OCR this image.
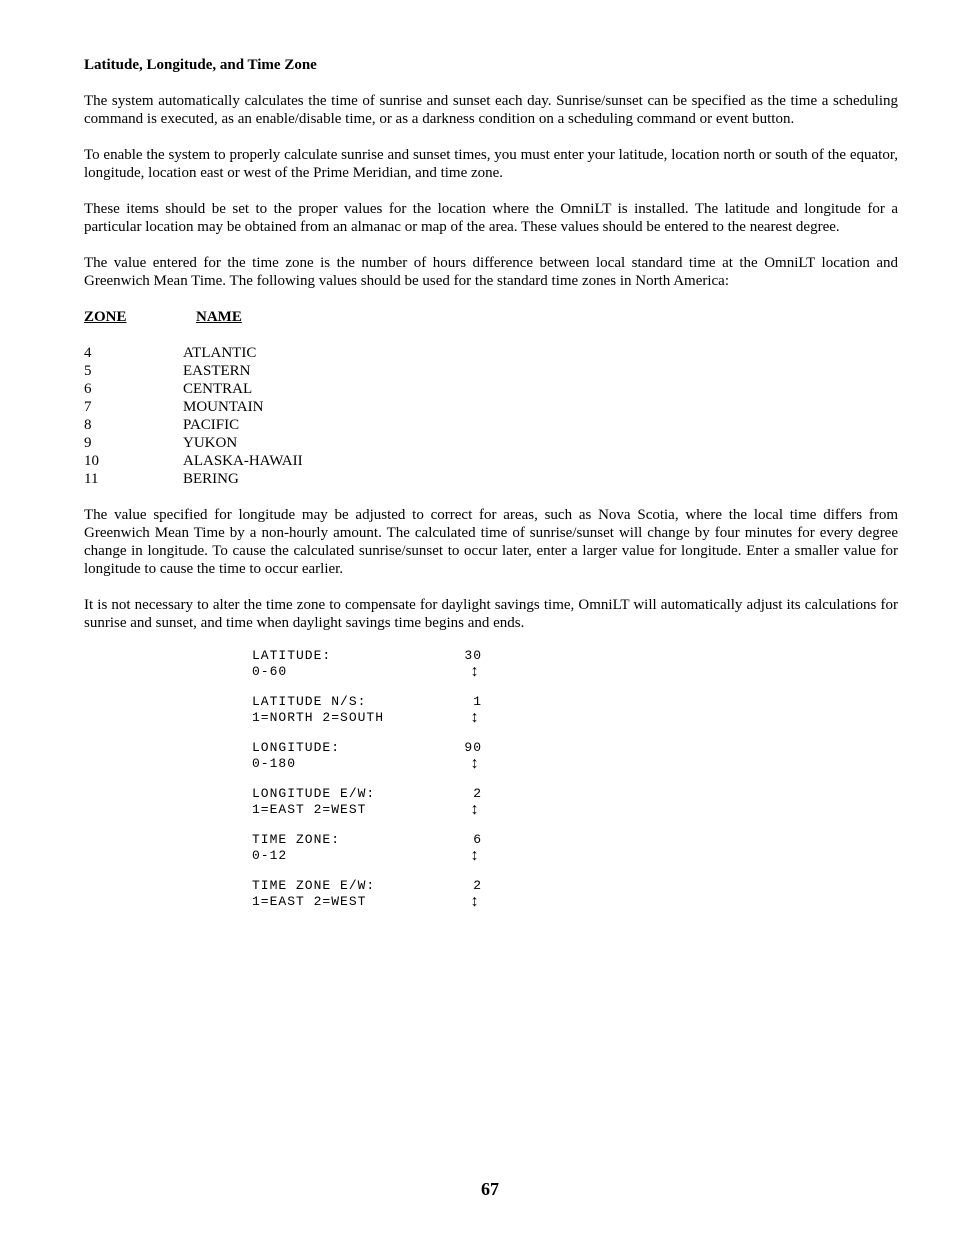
Latitude, Longitude, and Time Zone

The system automatically calculates the time of sunrise and sunset each day. Sunrise/sunset can be specified as the time a scheduling command is executed, as an enable/disable time, or as a darkness condition on a scheduling command or event button.

To enable the system to properly calculate sunrise and sunset times, you must enter your latitude, location north or south of the equator, longitude, location east or west of the Prime Meridian, and time zone.

These items should be set to the proper values for the location where the OmniLT is installed. The latitude and longitude for a particular location may be obtained from an almanac or map of the area. These values should be entered to the nearest degree.

The value entered for the time zone is the number of hours difference between local standard time at the OmniLT location and Greenwich Mean Time. The following values should be used for the standard time zones in North America:

ZONE	NAME
4	ATLANTIC
5	EASTERN
6	CENTRAL
7	MOUNTAIN
8	PACIFIC
9	YUKON
10	ALASKA-HAWAII
11	BERING

The value specified for longitude may be adjusted to correct for areas, such as Nova Scotia, where the local time differs from Greenwich Mean Time by a non-hourly amount. The calculated time of sunrise/sunset will change by four minutes for every degree change in longitude. To cause the calculated sunrise/sunset to occur later, enter a larger value for longitude. Enter a smaller value for longitude to cause the time to occur earlier.

It is not necessary to alter the time zone to compensate for daylight savings time, OmniLT will automatically adjust its calculations for sunrise and sunset, and time when daylight savings time begins and ends.

LATITUDE:	30
0-60	↕
LATITUDE N/S:	1
1=NORTH 2=SOUTH	↕
LONGITUDE:	90
0-180	↕
LONGITUDE E/W:	2
1=EAST 2=WEST	↕
TIME ZONE:	6
0-12	↕
TIME ZONE E/W:	2
1=EAST 2=WEST	↕
67
